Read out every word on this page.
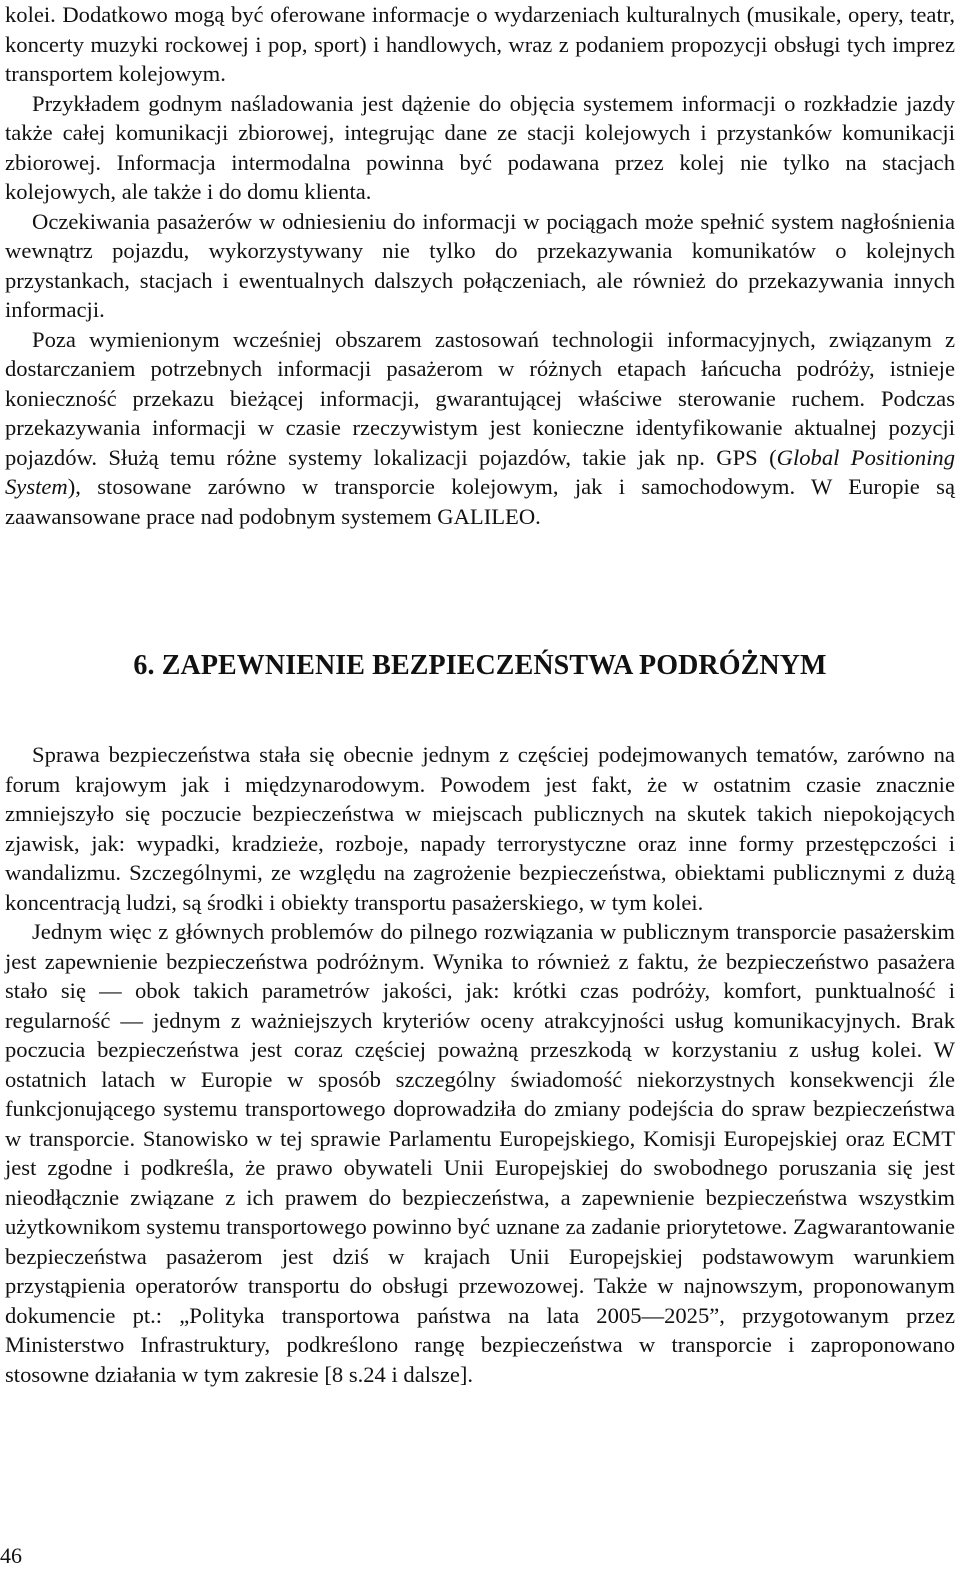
kolei. Dodatkowo mogą być oferowane informacje o wydarzeniach kulturalnych (musikale, opery, teatr, koncerty muzyki rockowej i pop, sport) i handlowych, wraz z podaniem propozycji obsługi tych imprez transportem kolejowym.

Przykładem godnym naśladowania jest dążenie do objęcia systemem informacji o rozkładzie jazdy także całej komunikacji zbiorowej, integrując dane ze stacji kolejowych i przystanków komunikacji zbiorowej. Informacja intermodalna powinna być podawana przez kolej nie tylko na stacjach kolejowych, ale także i do domu klienta.

Oczekiwania pasażerów w odniesieniu do informacji w pociągach może spełnić system nagłośnienia wewnątrz pojazdu, wykorzystywany nie tylko do przekazywania komunikatów o kolejnych przystankach, stacjach i ewentualnych dalszych połączeniach, ale również do przekazywania innych informacji.

Poza wymienionym wcześniej obszarem zastosowań technologii informacyjnych, związanym z dostarczaniem potrzebnych informacji pasażerom w różnych etapach łańcucha podróży, istnieje konieczność przekazu bieżącej informacji, gwarantującej właściwe sterowanie ruchem. Podczas przekazywania informacji w czasie rzeczywistym jest konieczne identyfikowanie aktualnej pozycji pojazdów. Służą temu różne systemy lokalizacji pojazdów, takie jak np. GPS (Global Positioning System), stosowane zarówno w transporcie kolejowym, jak i samochodowym. W Europie są zaawansowane prace nad podobnym systemem GALILEO.

6. ZAPEWNIENIE BEZPIECZEŃSTWA PODRÓŻNYM

Sprawa bezpieczeństwa stała się obecnie jednym z częściej podejmowanych tematów, zarówno na forum krajowym jak i międzynarodowym. Powodem jest fakt, że w ostatnim czasie znacznie zmniejszyło się poczucie bezpieczeństwa w miejscach publicznych na skutek takich niepokojących zjawisk, jak: wypadki, kradzieże, rozboje, napady terrorystyczne oraz inne formy przestępczości i wandalizmu. Szczególnymi, ze względu na zagrożenie bezpieczeństwa, obiektami publicznymi z dużą koncentracją ludzi, są środki i obiekty transportu pasażerskiego, w tym kolei.

Jednym więc z głównych problemów do pilnego rozwiązania w publicznym transporcie pasażerskim jest zapewnienie bezpieczeństwa podróżnym. Wynika to również z faktu, że bezpieczeństwo pasażera stało się — obok takich parametrów jakości, jak: krótki czas podróży, komfort, punktualność i regularność — jednym z ważniejszych kryteriów oceny atrakcyjności usług komunikacyjnych. Brak poczucia bezpieczeństwa jest coraz częściej poważną przeszkodą w korzystaniu z usług kolei. W ostatnich latach w Europie w sposób szczególny świadomość niekorzystnych konsekwencji źle funkcjonującego systemu transportowego doprowadziła do zmiany podejścia do spraw bezpieczeństwa w transporcie. Stanowisko w tej sprawie Parlamentu Europejskiego, Komisji Europejskiej oraz ECMT jest zgodne i podkreśla, że prawo obywateli Unii Europejskiej do swobodnego poruszania się jest nieodłącznie związane z ich prawem do bezpieczeństwa, a zapewnienie bezpieczeństwa wszystkim użytkownikom systemu transportowego powinno być uznane za zadanie priorytetowe. Zagwarantowanie bezpieczeństwa pasażerom jest dziś w krajach Unii Europejskiej podstawowym warunkiem przystąpienia operatorów transportu do obsługi przewozowej. Także w najnowszym, proponowanym dokumencie pt.: „Polityka transportowa państwa na lata 2005—2025”, przygotowanym przez Ministerstwo Infrastruktury, podkreślono rangę bezpieczeństwa w transporcie i zaproponowano stosowne działania w tym zakresie [8 s.24 i dalsze].

46
